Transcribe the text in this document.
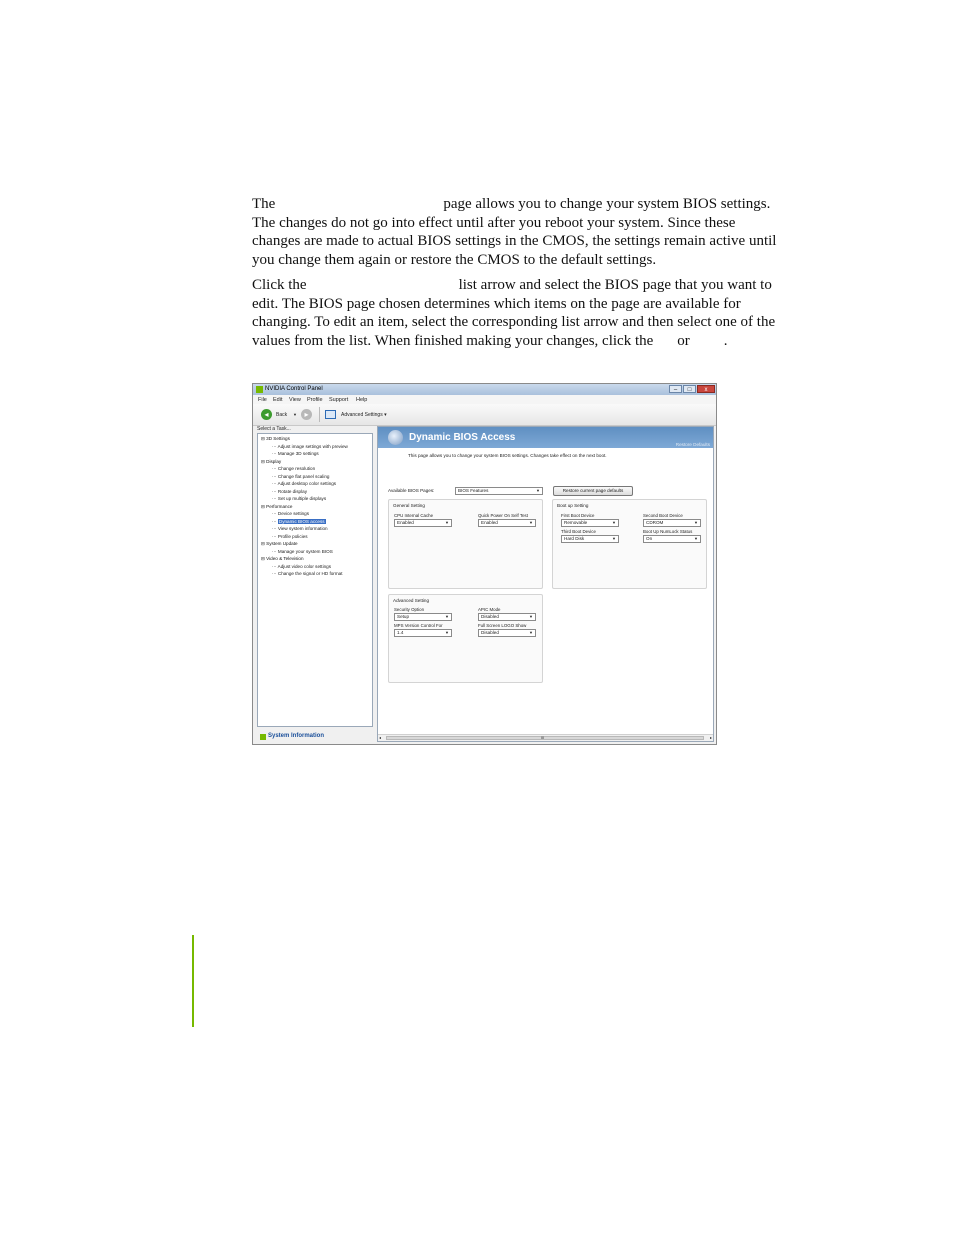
The	page allows you to change your system BIOS settings. The changes do not go into effect until after you reboot your system. Since these changes are made to actual BIOS settings in the CMOS, the settings remain active until you change them again or restore the CMOS to the default settings.
Click the	list arrow and select the BIOS page that you want to edit. The BIOS page chosen determines which items on the page are available for changing. To edit an item, select the corresponding list arrow and then select one of the values from the list. When finished making your changes, click the or .
NVIDIA Control Panel	–	□	x
File Edit View Profile Support Help
◂	Back ▼ ▸	Advanced Settings ▾
Select a Task...
⊟ 3D Settings
⋯ Adjust image settings with preview
⋯ Manage 3D settings
⊟ Display
⋯ Change resolution
⋯ Change flat panel scaling
⋯ Adjust desktop color settings
⋯ Rotate display
⋯ Set up multiple displays
⊟ Performance
⋯ Device settings
⋯ Dynamic BIOS access
⋯ View system information
⋯ Profile policies
⊟ System Update
⋯ Manage your system BIOS
⊟ Video & Television
⋯ Adjust video color settings
⋯ Change the signal or HD format
System Information
Dynamic BIOS Access
Restore Defaults
This page allows you to change your system BIOS settings. Changes take effect on the next boot.
Available BIOS Pages:	BIOS Features	▼	Restore current page defaults
General Setting
CPU Internal Cache
Enabled	▼
Quick Power On Self Test
Enabled	▼
Boot up Setting
First Boot Device
Removable	▼
Second Boot Device
CDROM	▼
Third Boot Device
Hard Disk	▼
Boot Up NumLock Status
On	▼
Advanced Setting
Security Option
Setup	▼
APIC Mode
Disabled	▼
MPS Version Control For
1.4	▼
Full Screen LOGO Show
Disabled	▼
◂	III	▸
